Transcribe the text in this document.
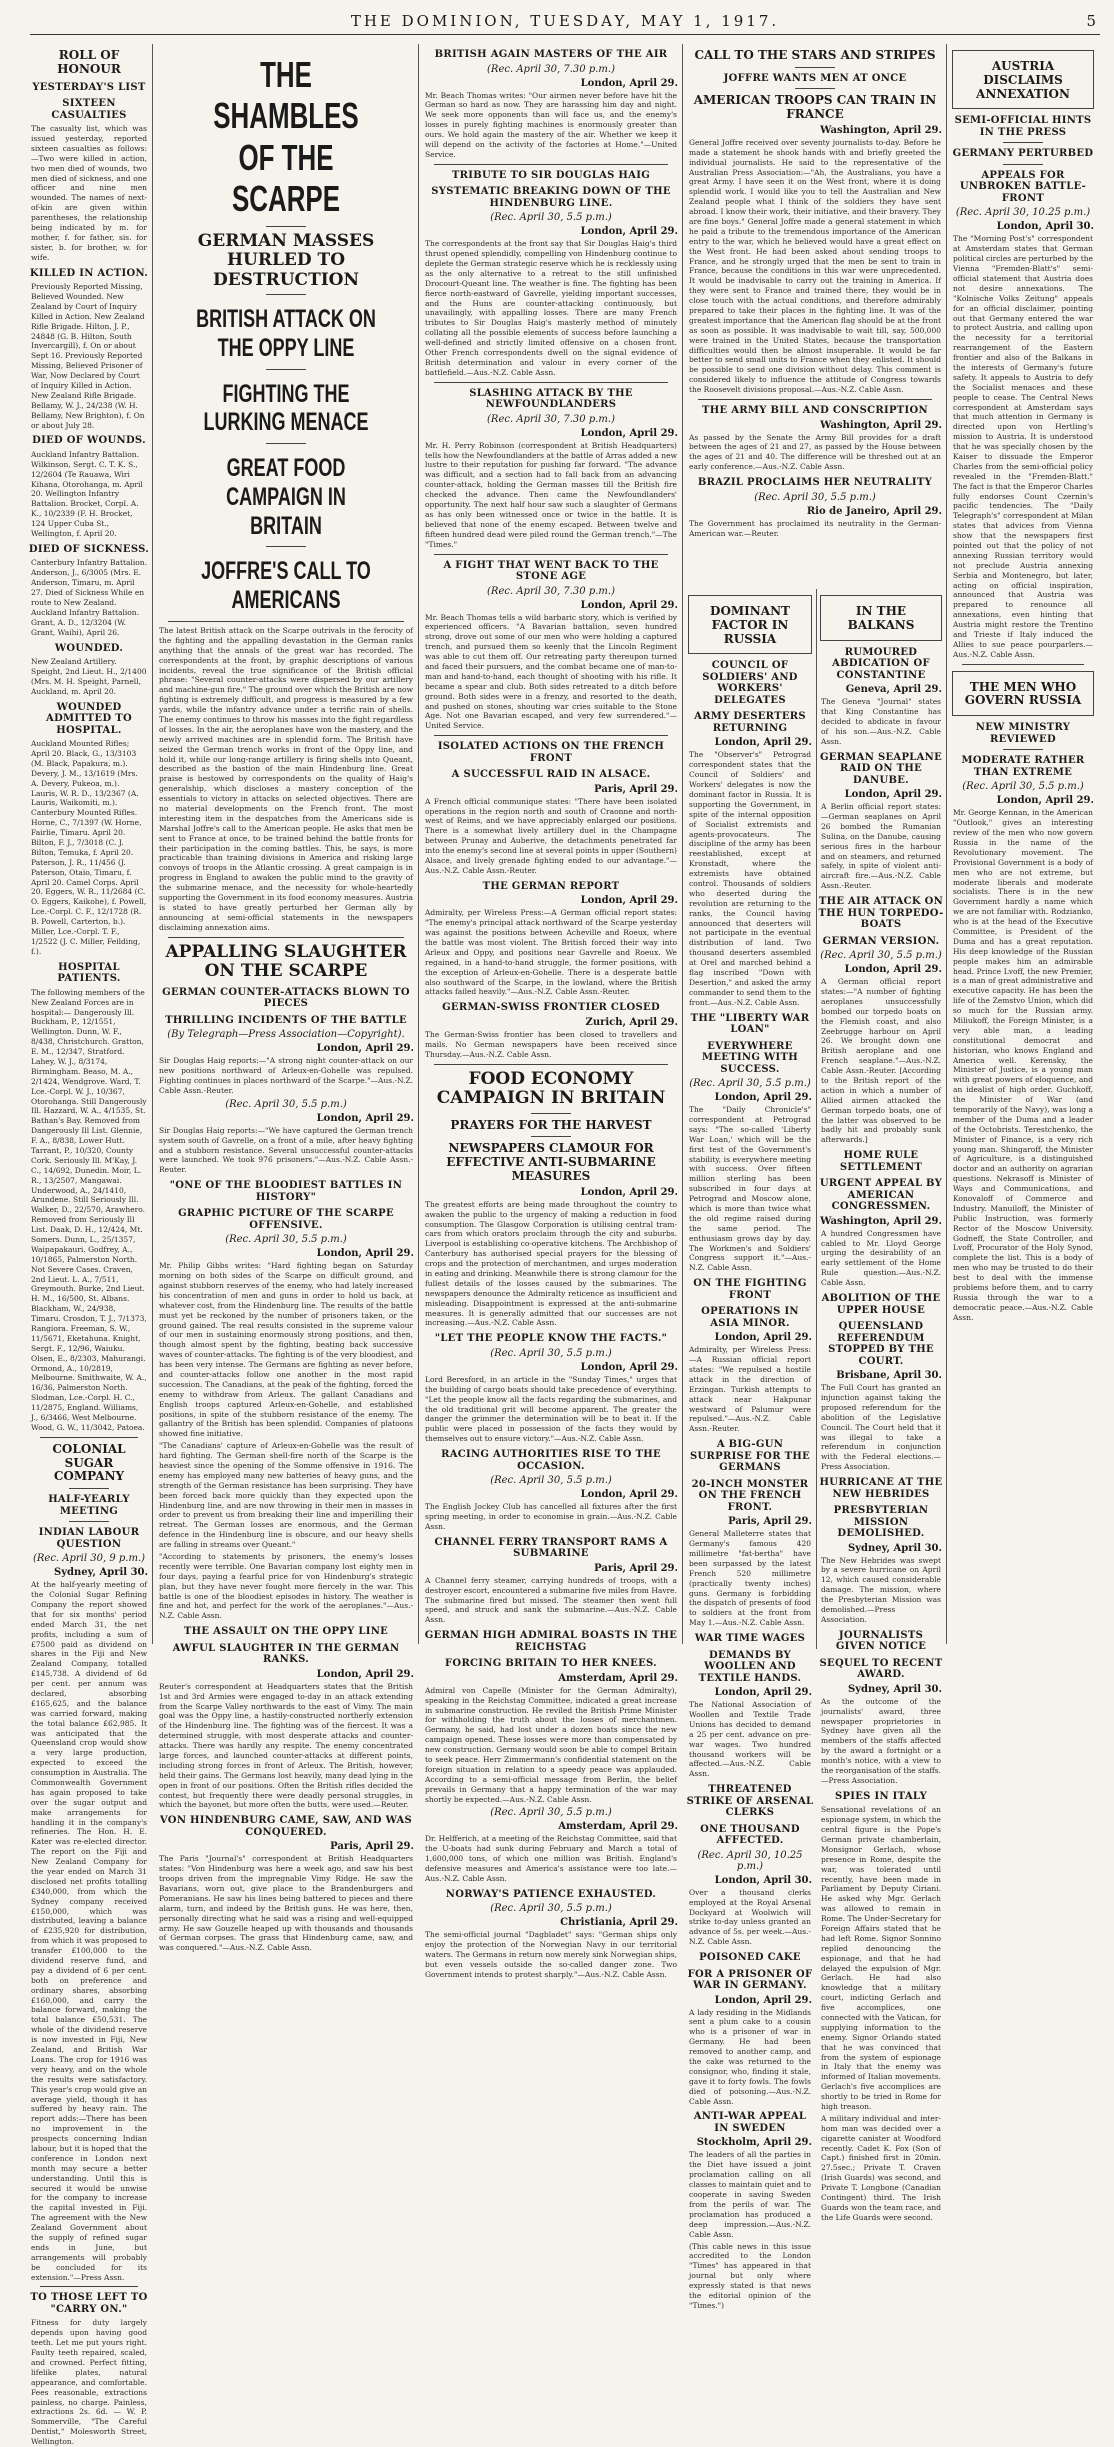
THE DOMINION, TUESDAY, MAY 1, 1917.	5
ROLL OF HONOUR
YESTERDAY'S LIST
SIXTEEN CASUALTIES
The casualty list, which was issued yesterday, reported sixteen casualties as follows:—Two were killed in action, two men died of wounds, two men died of sickness, and one officer and nine men wounded. The names of next-of-kin are given within parentheses, the relationship being indicated by m. for mother, f. for father, sis. for sister, b. for brother, w. for wife.
KILLED IN ACTION.
Previously Reported Missing, Believed Wounded. New Zealand by Court of Inquiry Killed in Action. New Zealand Rifle Brigade. Hilton, J. P., 24848 (G. B. Hilton, South Invercargill), f. On or about Sept 16. Previously Reported Missing, Believed Prisoner of War, Now Declared by Court of Inquiry Killed in Action. New Zealand Rifle Brigade. Bellamy, W. J., 24/238 (W. H. Bellamy, New Brighton), f. On or about July 28.
DIED OF WOUNDS.
Auckland Infantry Battalion. Wilkinson, Sergt. C. T. K. S., 12/2604 (Te Rauawa, Wiri Kihana, Otorohanga, m. April 20. Wellington Infantry Battalion. Brocket, Corpl. A. K., 10/2339 (F. H. Brocket, 124 Upper Cuba St., Wellington, f. April 20.
DIED OF SICKNESS.
Canterbury Infantry Battalion. Anderson, J., 6/3005 (Mrs. E. Anderson, Timaru, m. April 27. Died of Sickness While en route to New Zealand. Auckland Infantry Battalion. Grant, A. D., 12/3204 (W. Grant, Waihi), April 26.
WOUNDED.
New Zealand Artillery. Speight, 2nd Lieut. H., 2/1400 (Mrs. M. H. Speight, Parnell, Auckland, m. April 20.
WOUNDED ADMITTED TO HOSPITAL.
Auckland Mounted Rifles; April 20. Black, G., 13/3103 (M. Black, Papakura, m.). Devery, J. M., 13/1619 (Mrs. A. Devery, Pukeoa, m.). Lauris, W. R. D., 13/2367 (A. Lauris, Waikomiti, m.). Canterbury Mounted Rifles. Horne, C., 7/1397 (W. Horne, Fairlie, Timaru. April 20. Bilton, F. J., 7/3018 (C. J. Bilton, Temuka, f. April 20. Paterson, J. R., 11/456 (J. Paterson, Otaio, Timaru, f. April 20. Camel Corps. April 20. Eggers, W. R., 11/2684 (C. O. Eggers, Kaikohe), f. Powell, Lce.-Corpl. C. F., 12/1728 (R. B. Powell, Carterton, b.). Miller, Lce.-Corpl. T. F., 1/2522 (J. C. Miller, Feilding, f.).
HOSPITAL PATIENTS.
The following members of the New Zealand Forces are in hospital:— Dangerously Ill. Buckham, P., 12/1551, Wellington. Dunn, W. F., 8/438, Christchurch. Gratton, E. M., 12/347, Stratford. Lahey, W. J., 8/3174, Birmingham. Beaso, M. A., 2/1424, Wendgrove. Ward, T. Lce.-Corpl. W. J., 10/367, Otorohanga. Still Dangerously Ill. Hazzard, W. A., 4/1535, St. Bathan's Bay. Removed from Dangerously Ill List. Glennie, F. A., 8/838, Lower Hutt. Tarrant, P., 10/320, County Cork. Seriously Ill. M'Kay, J. C., 14/692, Dunedin. Moir, L. R., 13/2507, Mangawai. Underwood, A., 24/1410, Arundene. Still Seriously Ill. Walker, D., 22/570, Arawhero. Removed from Seriously Ill List. Daak, D. H., 12/424, Mt. Somers. Dunn, L., 25/1357, Waipapakauri. Godfrey, A., 10/1865, Palmerston North. Not Severe Cases. Craven, 2nd Lieut. L. A., 7/511, Greymouth. Burke, 2nd Lieut. H. M., 16/500, St. Albans. Blackham, W., 24/938, Timaru. Crosdon, T. J., 7/1373, Rangiora. Freeman, S. W., 11/5671, Eketahuna. Knight, Sergt. F., 12/96, Waiuku. Olsen, E., 8/2303, Mahurangi. Ormond, A., 10/2819, Melbourne. Smithwaite, W. A., 16/36, Palmerston North. Slodman, Lce.-Corpl. H. C., 11/2875, England. Williams, J., 6/3466, West Melbourne. Wood, G. W., 11/3042, Patoea.
COLONIAL SUGAR COMPANY
HALF-YEARLY MEETING
INDIAN LABOUR QUESTION
(Rec. April 30, 9 p.m.)
Sydney, April 30.
At the half-yearly meeting of the Colonial Sugar Refining Company the report showed that for six months' period ended March 31, the net profits, including a sum of £7500 paid as dividend on shares in the Fiji and New Zealand Company, totalled £145,738. A dividend of 6d per cent. per annum was declared, absorbing £165,625, and the balance was carried forward, making the total balance £62,985. It was anticipated that the Queensland crop would show a very large production, expected to exceed the consumption in Australia. The Commonwealth Government has again proposed to take over the sugar output and make arrangements for handling it in the company's refineries. The Hon. H. E. Kater was re-elected director. The report on the Fiji and New Zealand Company for the year ended on March 31 disclosed net profits totalling £340,000, from which the Sydney company received £150,000, which was distributed, leaving a balance of £235,920 for distribution, from which it was proposed to transfer £100,000 to the dividend reserve fund, and pay a dividend of 6 per cent. both on preference and ordinary shares, absorbing £160,000, and carry the balance forward, making the total balance £50,531. The whole of the dividend reserve is now invested in Fiji, New Zealand, and British War Loans. The crop for 1916 was very heavy, and on the whole the results were satisfactory. This year's crop would give an average yield, though it has suffered by heavy rain. The report adds:—There has been no improvement in the prospects concerning Indian labour, but it is hoped that the conference in London next month may secure a better understanding. Until this is secured it would be unwise for the company to increase the capital invested in Fiji. The agreement with the New Zealand Government about the supply of refined sugar ends in June, but arrangements will probably be concluded for its extension."—Press Assn.
TO THOSE LEFT TO "CARRY ON."
Fitness for duty largely depends upon having good teeth. Let me put yours right. Faulty teeth repaired, scaled, and crowned. Perfect fitting, lifelike plates, natural appearance, and comfortable. Fees reasonable, extractions painless, no charge. Painless, extractions 2s. 6d. — W. P. Sommerville, "The Careful Dentist," Molesworth Street, Wellington.
THE SHAMBLES OF THE SCARPE
GERMAN MASSES HURLED TO DESTRUCTION
BRITISH ATTACK ON THE OPPY LINE
FIGHTING THE LURKING MENACE
GREAT FOOD CAMPAIGN IN BRITAIN
JOFFRE'S CALL TO AMERICANS
The latest British attack on the Scarpe outrivals in the ferocity of the fighting and the appalling devastation in the German ranks anything that the annals of the great war has recorded. The correspondents at the front, by graphic descriptions of various incidents, reveal the true significance of the British official phrase: "Several counter-attacks were dispersed by our artillery and machine-gun fire." The ground over which the British are now fighting is extremely difficult, and progress is measured by a few yards, while the infantry advance under a terrific rain of shells. The enemy continues to throw his masses into the fight regardless of losses. In the air, the aeroplanes have won the mastery, and the newly arrived machines are in splendid form. The British have seized the German trench works in front of the Oppy line, and hold it, while our long-range artillery is firing shells into Queant, described as the bastion of the main Hindenburg line. Great praise is bestowed by correspondents on the quality of Haig's generalship, which discloses a mastery conception of the essentials to victory in attacks on selected objectives. There are no material developments on the French front. The most interesting item in the despatches from the Americans side is Marshal Joffre's call to the American people. He asks that men be sent to France at once, to be trained behind the battle fronts for their participation in the coming battles. This, he says, is more practicable than training divisions in America and risking large convoys of troops in the Atlantic crossing. A great campaign is in progress in England to awaken the public mind to the gravity of the submarine menace, and the necessity for whole-heartedly supporting the Government in its food economy measures. Austria is stated to have greatly perturbed her German ally by announcing at semi-official statements in the newspapers disclaiming annexation aims.
APPALLING SLAUGHTER ON THE SCARPE
GERMAN COUNTER-ATTACKS BLOWN TO PIECES
THRILLING INCIDENTS OF THE BATTLE
(By Telegraph—Press Association—Copyright).
London, April 29.
Sir Douglas Haig reports:—"A strong night counter-attack on our new positions northward of Arleux-en-Gohelle was repulsed. Fighting continues in places northward of the Scarpe."—Aus.-N.Z. Cable Assn.-Reuter.
(Rec. April 30, 5.5 p.m.)
London, April 29.
Sir Douglas Haig reports:—"We have captured the German trench system south of Gavrelle, on a front of a mile, after heavy fighting and a stubborn resistance. Several unsuccessful counter-attacks were launched. We took 976 prisoners."—Aus.-N.Z. Cable Assn.-Reuter.
"ONE OF THE BLOODIEST BATTLES IN HISTORY"
GRAPHIC PICTURE OF THE SCARPE OFFENSIVE.
(Rec. April 30, 5.5 p.m.)
London, April 29.
Mr. Philip Gibbs writes: "Hard fighting began on Saturday morning on both sides of the Scarpe on difficult ground, and against stubborn reserves of the enemy, who had lately increased his concentration of men and guns in order to hold us back, at whatever cost, from the Hindenburg line. The results of the battle must yet be reckoned by the number of prisoners taken, or the ground gained. The real results consisted in the supreme valour of our men in sustaining enormously strong positions, and then, though almost spent by the fighting, beating back successive waves of counter-attacks. The fighting is of the very bloodiest, and has been very intense. The Germans are fighting as never before, and counter-attacks follow one another in the most rapid succession. The Canadians, at the peak of the fighting, forced the enemy to withdraw from Arleux. The gallant Canadians and English troops captured Arleux-en-Gohelle, and established positions, in spite of the stubborn resistance of the enemy. The gallantry of the British has been splendid. Companies of platoons showed fine initiative.
"The Canadians' capture of Arleux-en-Gohelle was the result of hard fighting. The German shell-fire north of the Scarpe is the heaviest since the opening of the Somme offensive in 1916. The enemy has employed many new batteries of heavy guns, and the strength of the German resistance has been surprising. They have been forced back more quickly than they expected upon the Hindenburg line, and are now throwing in their men in masses in order to prevent us from breaking their line and imperilling their retreat. The German losses are enormous, and the German defence in the Hindenburg line is obscure, and our heavy shells are falling in streams over Queant."
"According to statements by prisoners, the enemy's losses recently were terrible. One Bavarian company lost eighty men in four days, paying a fearful price for von Hindenburg's strategic plan, but they have never fought more fiercely in the war. This battle is one of the bloodiest episodes in history. The weather is fine and hot, and perfect for the work of the aeroplanes."—Aus.-N.Z. Cable Assn.
THE ASSAULT ON THE OPPY LINE
AWFUL SLAUGHTER IN THE GERMAN RANKS.
London, April 29.
Reuter's correspondent at Headquarters states that the British 1st and 3rd Armies were engaged to-day in an attack extending from the Scarpe Valley northwards to the east of Vimy. The main goal was the Oppy line, a hastily-constructed northerly extension of the Hindenburg line. The fighting was of the fiercest. It was a determined struggle, with most desperate attacks and counter-attacks. There was hardly any respite. The enemy concentrated large forces, and launched counter-attacks at different points, including strong forces in front of Arleux. The British, however, held their gains. The Germans lost heavily, many dead lying in the open in front of our positions. Often the British rifles decided the contest, but frequently there were deadly personal struggles, in which the bayonet, but more often the butts, were used.—Reuter.
VON HINDENBURG CAME, SAW, AND WAS CONQUERED.
Paris, April 29.
The Paris "Journal's" correspondent at British Headquarters states: "Von Hindenburg was here a week ago, and saw his best troops driven from the impregnable Vimy Ridge. He saw the Bavarians, worn out, give place to the Brandenburgers and Pomeranians. He saw his lines being battered to pieces and there alarm, turn, and indeed by the British guns. He was here, then, personally directing what he said was a rising and well-equipped army. He saw Gouzelle heaped up with thousands and thousands of German corpses. The grass that Hindenburg came, saw, and was conquered."—Aus.-N.Z. Cable Assn.
BRITISH AGAIN MASTERS OF THE AIR
(Rec. April 30, 7.30 p.m.)
London, April 29.
Mr. Beach Thomas writes: "Our airmen never before have hit the German so hard as now. They are harassing him day and night. We seek more opponents than will face us, and the enemy's losses in purely fighting machines is enormously greater than ours. We hold again the mastery of the air. Whether we keep it will depend on the activity of the factories at Home."—United Service.
TRIBUTE TO SIR DOUGLAS HAIG
SYSTEMATIC BREAKING DOWN OF THE HINDENBURG LINE.
(Rec. April 30, 5.5 p.m.)
London, April 29.
The correspondents at the front say that Sir Douglas Haig's third thrust opened splendidly, compelling von Hindenburg continue to deplete the German strategic reserve which he is recklessly using as the only alternative to a retreat to the still unfinished Drocourt-Queant line. The weather is fine. The fighting has been fierce north-eastward of Gavrelle, yielding important successes, and the Huns are counter-attacking continuously, but unavailingly, with appalling losses. There are many French tributes to Sir Douglas Haig's masterly method of minutely collating all the possible elements of success before launching a well-defined and strictly limited offensive on a chosen front. Other French correspondents dwell on the signal evidence of British determination and valour in every corner of the battlefield.—Aus.-N.Z. Cable Assn.
SLASHING ATTACK BY THE NEWFOUNDLANDERS
(Rec. April 30, 7.30 p.m.)
London, April 29.
Mr. H. Perry Robinson (correspondent at British Headquarters) tells how the Newfoundlanders at the battle of Arras added a new lustre to their reputation for pushing far forward. "The advance was difficult, and a section had to fall back from an advancing counter-attack, holding the German masses till the British fire checked the advance. Then came the Newfoundlanders' opportunity. The next half hour saw such a slaughter of Germans as has only been witnessed once or twice in the battle. It is believed that none of the enemy escaped. Between twelve and fifteen hundred dead were piled round the German trench."—The "Times."
A FIGHT THAT WENT BACK TO THE STONE AGE
(Rec. April 30, 7.30 p.m.)
London, April 29.
Mr. Beach Thomas tells a wild barbaric story, which is verified by experienced officers. "A Bavarian battalion, seven hundred strong, drove out some of our men who were holding a captured trench, and pursued them so keenly that the Lincoln Regiment was able to cut them off. Our retreating party thereupon turned and faced their pursuers, and the combat became one of man-to-man and hand-to-hand, each thought of shooting with his rifle. It became a spear and club. Both sides retreated to a ditch before ground. Both sides were in a frenzy, and resorted to the death, and pushed on stones, shouting war cries suitable to the Stone Age. Not one Bavarian escaped, and very few surrendered."—United Service.
ISOLATED ACTIONS ON THE FRENCH FRONT
A SUCCESSFUL RAID IN ALSACE.
Paris, April 29.
A French official communique states: "There have been isolated operations in the region north and south of Craonne and north-west of Reims, and we have appreciably enlarged our positions. There is a somewhat lively artillery duel in the Champagne between Prunay and Auberive, the detachments penetrated far into the enemy's second line at several points in upper (Southern) Alsace, and lively grenade fighting ended to our advantage."—Aus.-N.Z. Cable Assn.-Reuter.
THE GERMAN REPORT
London, April 29.
Admiralty, per Wireless Press:—A German official report states: "The enemy's principal attack northward of the Scarpe yesterday was against the positions between Acheville and Roeux, where the battle was most violent. The British forced their way into Arleux and Oppy, and positions near Gavrelle and Roeux. We regained, in a hand-to-hand struggle, the former positions, with the exception of Arleux-en-Gohelle. There is a desperate battle also southward of the Scarpe, in the lowland, where the British attacks failed heavily."—Aus.-N.Z. Cable Assn.-Reuter.
GERMAN-SWISS FRONTIER CLOSED
Zurich, April 29.
The German-Swiss frontier has been closed to travellers and mails. No German newspapers have been received since Thursday.—Aus.-N.Z. Cable Assn.
FOOD ECONOMY CAMPAIGN IN BRITAIN
PRAYERS FOR THE HARVEST
NEWSPAPERS CLAMOUR FOR EFFECTIVE ANTI-SUBMARINE MEASURES
London, April 29.
The greatest efforts are being made throughout the country to awaken the public to the urgency of making a reduction in food consumption. The Glasgow Corporation is utilising central tram-cars from which orators proclaim through the city and suburbs. Liverpool is establishing co-operative kitchens. The Archbishop of Canterbury has authorised special prayers for the blessing of crops and the protection of merchantmen, and urges moderation in eating and drinking. Meanwhile there is strong clamour for the fullest details of the losses caused by the submarines. The newspapers denounce the Admiralty reticence as insufficient and misleading. Disappointment is expressed at the anti-submarine measures. It is generally admitted that our successes are not increasing.—Aus.-N.Z. Cable Assn.
"LET THE PEOPLE KNOW THE FACTS."
(Rec. April 30, 5.5 p.m.)
London, April 29.
Lord Beresford, in an article in the "Sunday Times," urges that the building of cargo boats should take precedence of everything. "Let the people know all the facts regarding the submarines, and the old traditional grit will become apparent. The greater the danger the grimmer the determination will be to beat it. If the public were placed in possession of the facts they would by themselves out to ensure victory."—Aus.-N.Z. Cable Assn.
RACING AUTHORITIES RISE TO THE OCCASION.
(Rec. April 30, 5.5 p.m.)
London, April 29.
The English Jockey Club has cancelled all fixtures after the first spring meeting, in order to economise in grain.—Aus.-N.Z. Cable Assn.
CHANNEL FERRY TRANSPORT RAMS A SUBMARINE
Paris, April 29.
A Channel ferry steamer, carrying hundreds of troops, with a destroyer escort, encountered a submarine five miles from Havre. The submarine fired but missed. The steamer then went full speed, and struck and sank the submarine.—Aus.-N.Z. Cable Assn.
GERMAN HIGH ADMIRAL BOASTS IN THE REICHSTAG
FORCING BRITAIN TO HER KNEES.
Amsterdam, April 29.
Admiral von Capelle (Minister for the German Admiralty), speaking in the Reichstag Committee, indicated a great increase in submarine construction. He reviled the British Prime Minister for withholding the truth about the losses of merchantmen. Germany, he said, had lost under a dozen boats since the new campaign opened. These losses were more than compensated by new construction. Germany would soon be able to compel Britain to seek peace. Herr Zimmermann's confidential statement on the foreign situation in relation to a speedy peace was applauded. According to a semi-official message from Berlin, the belief prevails in Germany that a happy termination of the war may shortly be expected.—Aus.-N.Z. Cable Assn.
(Rec. April 30, 5.5 p.m.)
Amsterdam, April 29.
Dr. Helfferich, at a meeting of the Reichstag Committee, said that the U-boats had sunk during February and March a total of 1,600,000 tons, of which one million was British. England's defensive measures and America's assistance were too late.—Aus.-N.Z. Cable Assn.
NORWAY'S PATIENCE EXHAUSTED.
(Rec. April 30, 5.5 p.m.)
Christiania, April 29.
The semi-official journal "Dagbladet" says: "German ships only enjoy the protection of the Norwegian Navy in our territorial waters. The Germans in return now merely sink Norwegian ships, but even vessels outside the so-called danger zone. Two Government intends to protest sharply."—Aus.-N.Z. Cable Assn.
CALL TO THE STARS AND STRIPES
JOFFRE WANTS MEN AT ONCE
AMERICAN TROOPS CAN TRAIN IN FRANCE
Washington, April 29.
General Joffre received over seventy journalists to-day. Before he made a statement he shook hands with and briefly greeted the individual journalists. He said to the representative of the Australian Press Association:—"Ah, the Australians, you have a great Army. I have seen it on the West front, where it is doing splendid work. I would like you to tell the Australian and New Zealand people what I think of the soldiers they have sent abroad. I know their work, their initiative, and their bravery. They are fine boys." General Joffre made a general statement in which he paid a tribute to the tremendous importance of the American entry to the war, which he believed would have a great effect on the West front. He had been asked about sending troops to France, and he strongly urged that the men be sent to train in France, because the conditions in this war were unprecedented. It would be inadvisable to carry out the training in America. If they were sent to France and trained there, they would be in close touch with the actual conditions, and therefore admirably prepared to take their places in the fighting line. It was of the greatest importance that the American flag should be at the front as soon as possible. It was inadvisable to wait till, say, 500,000 were trained in the United States, because the transportation difficulties would then be almost insuperable. It would be far better to send small units to France when they enlisted. It should be possible to send one division without delay. This comment is considered likely to influence the attitude of Congress towards the Roosevelt divisions proposal.—Aus.-N.Z. Cable Assn.
THE ARMY BILL AND CONSCRIPTION
Washington, April 29.
As passed by the Senate the Army Bill provides for a draft between the ages of 21 and 27, as passed by the House between the ages of 21 and 40. The difference will be threshed out at an early conference.—Aus.-N.Z. Cable Assn.
BRAZIL PROCLAIMS HER NEUTRALITY
(Rec. April 30, 5.5 p.m.)
Rio de Janeiro, April 29.
The Government has proclaimed its neutrality in the German-American war.—Reuter.
DOMINANT FACTOR IN RUSSIA
COUNCIL OF SOLDIERS' AND WORKERS' DELEGATES
ARMY DESERTERS RETURNING
London, April 29.
The "Observer's" Petrograd correspondent states that the Council of Soldiers' and Workers' delegates is now the dominant factor in Russia. It is supporting the Government, in spite of the internal opposition of Socialist extremists and agents-provocateurs. The discipline of the army has been reestablished, except at Kronstadt, where the extremists have obtained control. Thousands of soldiers who deserted during the revolution are returning to the ranks, the Council having announced that deserters will not participate in the eventual distribution of land. Two thousand deserters assembled at Orel and marched behind a flag inscribed "Down with Desertion," and asked the army commander to send them to the front.—Aus.-N.Z. Cable Assn.
THE "LIBERTY WAR LOAN"
EVERYWHERE MEETING WITH SUCCESS.
(Rec. April 30, 5.5 p.m.)
London, April 29.
The "Daily Chronicle's" correspondent at Petrograd says: "The so-called 'Liberty War Loan,' which will be the first test of the Government's stability, is everywhere meeting with success. Over fifteen million sterling has been subscribed in four days at Petrograd and Moscow alone, which is more than twice what the old regime raised during the same period. The enthusiasm grows day by day. The Workmen's and Soldiers' Congress support it."—Aus.-N.Z. Cable Assn.
ON THE FIGHTING FRONT
OPERATIONS IN ASIA MINOR.
London, April 29.
Admiralty, per Wireless Press:—A Russian official report states: "We repulsed a hostile attack in the direction of Erzingan. Turkish attempts to attack near Hakpunar westward of Palumur were repulsed."—Aus.-N.Z. Cable Assn.-Reuter.
A BIG-GUN SURPRISE FOR THE GERMANS
20-INCH MONSTER ON THE FRENCH FRONT.
Paris, April 29.
General Malleterre states that Germany's famous 420 millimetre "fat-bertha" have been surpassed by the latest French 520 millimetre (practically twenty inches) guns. Germany is forbidding the dispatch of presents of food to soldiers at the front from May 1.—Aus.-N.Z. Cable Assn.
WAR TIME WAGES
DEMANDS BY WOOLLEN AND TEXTILE HANDS.
London, April 29.
The National Association of Woollen and Textile Trade Unions has decided to demand a 25 per cent. advance on pre-war wages. Two hundred thousand workers will be affected.—Aus.-N.Z. Cable Assn.
THREATENED STRIKE OF ARSENAL CLERKS
ONE THOUSAND AFFECTED.
(Rec. April 30, 10.25 p.m.)
London, April 30.
Over a thousand clerks employed at the Royal Arsenal Dockyard at Woolwich will strike to-day unless granted an advance of 5s. per week.—Aus.-N.Z. Cable Assn.
POISONED CAKE
FOR A PRISONER OF WAR IN GERMANY.
London, April 29.
A lady residing in the Midlands sent a plum cake to a cousin who is a prisoner of war in Germany. He had been removed to another camp, and the cake was returned to the consignor, who, finding it stale, gave it to forty fowls. The fowls died of poisoning.—Aus.-N.Z. Cable Assn.
ANTI-WAR APPEAL IN SWEDEN
Stockholm, April 29.
The leaders of all the parties in the Diet have issued a joint proclamation calling on all classes to maintain quiet and to cooperate in saving Sweden from the perils of war. The proclamation has produced a deep impression.—Aus.-N.Z. Cable Assn.
(This cable news in this issue accredited to the London "Times" has appeared in that journal but only where expressly stated is that news the editorial opinion of the "Times.")
IN THE BALKANS
RUMOURED ABDICATION OF CONSTANTINE
Geneva, April 29.
The Geneva "Journal" states that King Constantine has decided to abdicate in favour of his son.—Aus.-N.Z. Cable Assn.
GERMAN SEAPLANE RAID ON THE DANUBE.
London, April 29.
A Berlin official report states:—German seaplanes on April 26 bombed the Rumanian Sulina, on the Danube, causing serious fires in the harbour and on steamers, and returned safely, in spite of violent anti-aircraft fire.—Aus.-N.Z. Cable Assn.-Reuter.
THE AIR ATTACK ON THE HUN TORPEDO-BOATS
GERMAN VERSION.
(Rec. April 30, 5.5 p.m.)
London, April 29.
A German official report states:—"A number of fighting aeroplanes unsuccessfully bombed our torpedo boats on the Flemish coast, and also Zeebrugge harbour on April 26. We brought down one British aeroplane and one French seaplane."—Aus.-N.Z. Cable Assn.-Reuter. [According to the British report of the action in which a number of Allied airmen attacked the German torpedo boats, one of the latter was observed to be badly hit and probably sunk afterwards.]
HOME RULE SETTLEMENT
URGENT APPEAL BY AMERICAN CONGRESSMEN.
Washington, April 29.
A hundred Congressmen have cabled to Mr. Lloyd George urging the desirability of an early settlement of the Home Rule question.—Aus.-N.Z. Cable Assn.
ABOLITION OF THE UPPER HOUSE
QUEENSLAND REFERENDUM STOPPED BY THE COURT.
Brisbane, April 30.
The Full Court has granted an injunction against taking the proposed referendum for the abolition of the Legislative Council. The Court held that it was illegal to take a referendum in conjunction with the Federal elections.—Press Association.
HURRICANE AT THE NEW HEBRIDES
PRESBYTERIAN MISSION DEMOLISHED.
Sydney, April 30.
The New Hebrides was swept by a severe hurricane on April 12, which caused considerable damage. The mission, where the Presbyterian Mission was demolished.—Press Association.
JOURNALISTS GIVEN NOTICE
SEQUEL TO RECENT AWARD.
Sydney, April 30.
As the outcome of the journalists' award, three newspaper proprietories in Sydney have given all the members of the staffs affected by the award a fortnight or a month's notice, with a view to the reorganisation of the staffs.—Press Association.
SPIES IN ITALY
Sensational revelations of an espionage system, in which the central figure is the Pope's German private chamberlain, Monsignor Gerlach, whose presence in Rome, despite the war, was tolerated until recently, have been made in Parliament by Deputy Ciriani. He asked why Mgr. Gerlach was allowed to remain in Rome. The Under-Secretary for Foreign Affairs stated that he had left Rome. Signor Sonnino replied denouncing the espionage, and that he had delayed the expulsion of Mgr. Gerlach. He had also knowledge that a military court, indicting Gerlach and five accomplices, one connected with the Vatican, for supplying information to the enemy. Signor Orlando stated that he was convinced that from the system of espionage in Italy that the enemy was informed of Italian movements. Gerlach's five accomplices are shortly to be tried in Rome for high treason.
A military individual and inter-hom man was decided over a cigarette canister at Woodford recently. Cadet K. Fox (Son of Capt.) finished first in 20min. 27.5sec.; Private T. Craven (Irish Guards) was second, and Private T. Longbone (Canadian Contingent) third. The Irish Guards won the team race, and the Life Guards were second.
AUSTRIA DISCLAIMS ANNEXATION
SEMI-OFFICIAL HINTS IN THE PRESS
GERMANY PERTURBED
APPEALS FOR UNBROKEN BATTLE-FRONT
(Rec. April 30, 10.25 p.m.)
London, April 30.
The "Morning Post's" correspondent at Amsterdam states that German political circles are perturbed by the Vienna "Fremden-Blatt's" semi-official statement that Austria does not desire annexations. The "Kolnische Volks Zeitung" appeals for an official disclaimer, pointing out that Germany entered the war to protect Austria, and calling upon the necessity for a territorial rearrangement of the Eastern frontier and also of the Balkans in the interests of Germany's future safety. It appeals to Austria to defy the Socialist menaces and these people to cease. The Central News correspondent at Amsterdam says that much attention in Germany is directed upon von Hertling's mission to Austria. It is understood that he was specially chosen by the Kaiser to dissuade the Emperor Charles from the semi-official policy revealed in the "Fremden-Blatt." The fact is that the Emperor Charles fully endorses Count Czernin's pacific tendencies. The "Daily Telegraph's" correspondent at Milan states that advices from Vienna show that the newspapers first pointed out that the policy of not annexing Russian territory would not preclude Austria annexing Serbia and Montenegro, but later, acting on official inspiration, announced that Austria was prepared to renounce all annexations, even hinting that Austria might restore the Trentino and Trieste if Italy induced the Allies to sue peace pourparlers.—Aus.-N.Z. Cable Assn.
THE MEN WHO GOVERN RUSSIA
NEW MINISTRY REVIEWED
MODERATE RATHER THAN EXTREME
(Rec. April 30, 5.5 p.m.)
London, April 29.
Mr. George Kennan, in the American "Outlook," gives an interesting review of the men who now govern Russia in the name of the Revolutionary movement. The Provisional Government is a body of men who are not extreme, but moderate liberals and moderate socialists. There is in the new Government hardly a name which we are not familiar with. Rodzianko, who is at the head of the Executive Committee, is President of the Duma and has a great reputation. His deep knowledge of the Russian people makes him an admirable head. Prince Lvoff, the new Premier, is a man of great administrative and executive capacity. He has been the life of the Zemstvo Union, which did so much for the Russian army. Miliukoff, the Foreign Minister, is a very able man, a leading constitutional democrat and historian, who knows England and America well. Kerensky, the Minister of Justice, is a young man with great powers of eloquence, and an idealist of high order. Guchkoff, the Minister of War (and temporarily of the Navy), was long a member of the Duma and a leader of the Octobrists. Terestchenko, the Minister of Finance, is a very rich young man. Shingaroff, the Minister of Agriculture, is a distinguished doctor and an authority on agrarian questions. Nekrasoff is Minister of Ways and Communications, and Konovaloff of Commerce and Industry. Manuiloff, the Minister of Public Instruction, was formerly Rector of the Moscow University. Godneff, the State Controller, and Lvoff, Procurator of the Holy Synod, complete the list. This is a body of men who may be trusted to do their best to deal with the immense problems before them, and to carry Russia through the war to a democratic peace.—Aus.-N.Z. Cable Assn.
